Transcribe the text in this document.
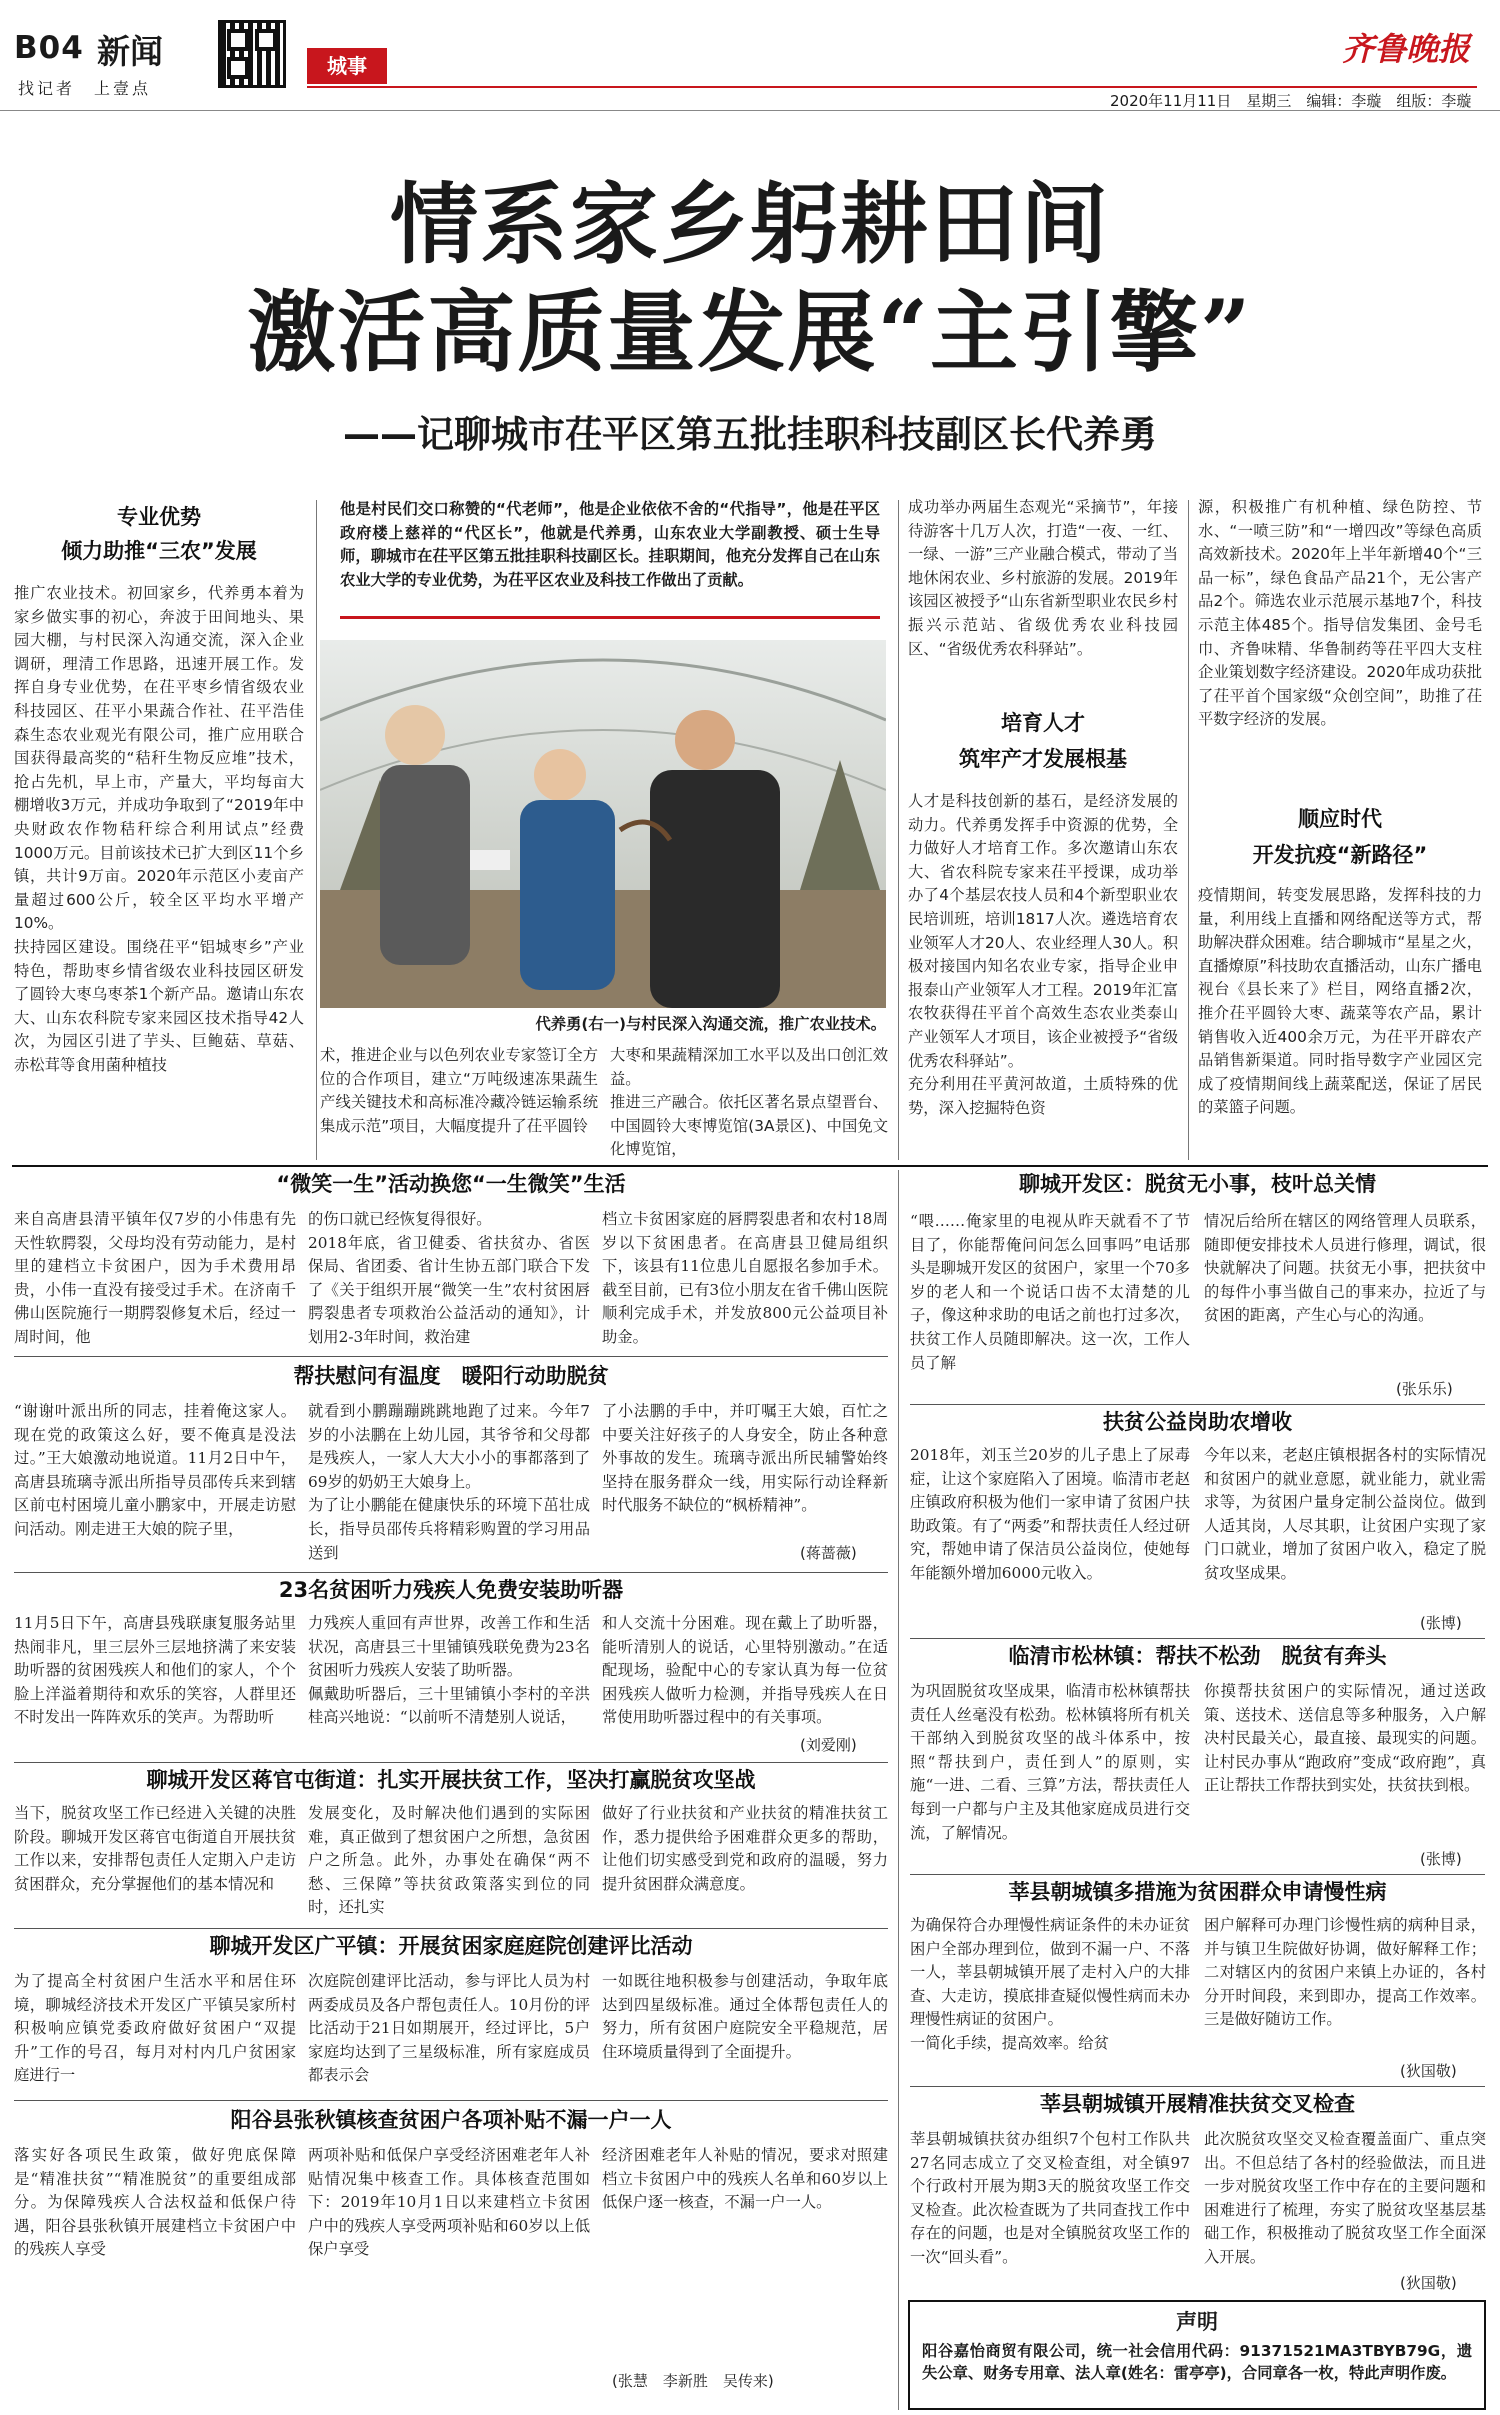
B04 新闻
找记者　上壹点
城事	齐鲁晚报
2020年11月11日　星期三　编辑：李璇　组版：李璇
情系家乡躬耕田间
激活高质量发展“主引擎”
——记聊城市茌平区第五批挂职科技副区长代养勇
专业优势
倾力助推“三农”发展
推广农业技术。初回家乡，代养勇本着为家乡做实事的初心，奔波于田间地头、果园大棚，与村民深入沟通交流，深入企业调研，理清工作思路，迅速开展工作。发挥自身专业优势，在茌平枣乡情省级农业科技园区、茌平小果蔬合作社、茌平浩佳森生态农业观光有限公司，推广应用联合国获得最高奖的“秸秆生物反应堆”技术，抢占先机，早上市，产量大，平均每亩大棚增收3万元，并成功争取到了“2019年中央财政农作物秸秆综合利用试点”经费1000万元。目前该技术已扩大到区11个乡镇，共计9万亩。2020年示范区小麦亩产量超过600公斤，较全区平均水平增产10%。
扶持园区建设。围绕茌平“铝城枣乡”产业特色，帮助枣乡情省级农业科技园区研发了圆铃大枣乌枣茶1个新产品。邀请山东农大、山东农科院专家来园区技术指导42人次，为园区引进了芋头、巨鲍菇、草菇、赤松茸等食用菌种植技
他是村民们交口称赞的“代老师”，他是企业依依不舍的“代指导”，他是茌平区政府楼上慈祥的“代区长”，他就是代养勇，山东农业大学副教授、硕士生导师，聊城市在茌平区第五批挂职科技副区长。挂职期间，他充分发挥自己在山东农业大学的专业优势，为茌平区农业及科技工作做出了贡献。
代养勇(右一)与村民深入沟通交流，推广农业技术。
术，推进企业与以色列农业专家签订全方位的合作项目，建立“万吨级速冻果蔬生产线关键技术和高标准冷藏冷链运输系统集成示范”项目，大幅度提升了茌平圆铃
大枣和果蔬精深加工水平以及出口创汇效益。
推进三产融合。依托区著名景点望晋台、中国圆铃大枣博览馆(3A景区)、中国免文化博览馆，
成功举办两届生态观光“采摘节”，年接待游客十几万人次，打造“一夜、一红、一绿、一游”三产业融合模式，带动了当地休闲农业、乡村旅游的发展。2019年该园区被授予“山东省新型职业农民乡村振兴示范站、省级优秀农业科技园区、“省级优秀农科驿站”。
培育人才
筑牢产才发展根基
人才是科技创新的基石，是经济发展的动力。代养勇发挥手中资源的优势，全力做好人才培育工作。多次邀请山东农大、省农科院专家来茌平授课，成功举办了4个基层农技人员和4个新型职业农民培训班，培训1817人次。遴选培育农业领军人才20人、农业经理人30人。积极对接国内知名农业专家，指导企业申报泰山产业领军人才工程。2019年汇富农牧获得茌平首个高效生态农业类泰山产业领军人才项目，该企业被授予“省级优秀农科驿站”。
充分利用茌平黄河故道，土质特殊的优势，深入挖掘特色资
源，积极推广有机种植、绿色防控、节水、“一喷三防”和“一增四改”等绿色高质高效新技术。2020年上半年新增40个“三品一标”，绿色食品产品21个，无公害产品2个。筛选农业示范展示基地7个，科技示范主体485个。指导信发集团、金号毛巾、齐鲁味精、华鲁制药等茌平四大支柱企业策划数字经济建设。2020年成功获批了茌平首个国家级“众创空间”，助推了茌平数字经济的发展。
顺应时代
开发抗疫“新路径”
疫情期间，转变发展思路，发挥科技的力量，利用线上直播和网络配送等方式，帮助解决群众困难。结合聊城市“星星之火，直播燎原”科技助农直播活动，山东广播电视台《县长来了》栏目，网络直播2次，推介茌平圆铃大枣、蔬菜等农产品，累计销售收入近400余万元，为茌平开辟农产品销售新渠道。同时指导数字产业园区完成了疫情期间线上蔬菜配送，保证了居民的菜篮子问题。
“微笑一生”活动换您“一生微笑”生活
来自高唐县清平镇年仅7岁的小伟患有先天性软腭裂，父母均没有劳动能力，是村里的建档立卡贫困户，因为手术费用昂贵，小伟一直没有接受过手术。在济南千佛山医院施行一期腭裂修复术后，经过一周时间，他
的伤口就已经恢复得很好。
2018年底，省卫健委、省扶贫办、省医保局、省团委、省计生协五部门联合下发了《关于组织开展“微笑一生”农村贫困唇腭裂患者专项救治公益活动的通知》，计划用2-3年时间，救治建
档立卡贫困家庭的唇腭裂患者和农村18周岁以下贫困患者。在高唐县卫健局组织下，该县有11位患儿自愿报名参加手术。截至目前，已有3位小朋友在省千佛山医院顺利完成手术，并发放800元公益项目补助金。
帮扶慰问有温度　暖阳行动助脱贫
“谢谢叶派出所的同志，挂着俺这家人。现在党的政策这么好，要不俺真是没法过。”王大娘激动地说道。11月2日中午，高唐县琉璃寺派出所指导员邵传兵来到辖区前屯村困境儿童小鹏家中，开展走访慰问活动。刚走进王大娘的院子里，
就看到小鹏蹦蹦跳跳地跑了过来。今年7岁的小法鹏在上幼儿园，其爷爷和父母都是残疾人，一家人大大小小的事都落到了69岁的奶奶王大娘身上。
为了让小鹏能在健康快乐的环境下茁壮成长，指导员邵传兵将精彩购置的学习用品送到
了小法鹏的手中，并叮嘱王大娘，百忙之中要关注好孩子的人身安全，防止各种意外事故的发生。琉璃寺派出所民辅警始终坚持在服务群众一线，用实际行动诠释新时代服务不缺位的“枫桥精神”。
(蒋蔷薇)
23名贫困听力残疾人免费安装助听器
11月5日下午，高唐县残联康复服务站里热闹非凡，里三层外三层地挤满了来安装助听器的贫困残疾人和他们的家人，个个脸上洋溢着期待和欢乐的笑容，人群里还不时发出一阵阵欢乐的笑声。为帮助听
力残疾人重回有声世界，改善工作和生活状况，高唐县三十里铺镇残联免费为23名贫困听力残疾人安装了助听器。
佩戴助听器后，三十里铺镇小李村的辛洪桂高兴地说：“以前听不清楚别人说话，
和人交流十分困难。现在戴上了助听器，能听清别人的说话，心里特别激动。”在适配现场，验配中心的专家认真为每一位贫困残疾人做听力检测，并指导残疾人在日常使用助听器过程中的有关事项。
(刘爱刚)
聊城开发区蒋官屯街道：扎实开展扶贫工作，坚决打赢脱贫攻坚战
当下，脱贫攻坚工作已经进入关键的决胜阶段。聊城开发区蒋官屯街道自开展扶贫工作以来，安排帮包责任人定期入户走访贫困群众，充分掌握他们的基本情况和
发展变化，及时解决他们遇到的实际困难，真正做到了想贫困户之所想，急贫困户之所急。此外，办事处在确保“两不愁、三保障”等扶贫政策落实到位的同时，还扎实
做好了行业扶贫和产业扶贫的精准扶贫工作，悉力提供给予困难群众更多的帮助，让他们切实感受到党和政府的温暖，努力提升贫困群众满意度。
聊城开发区广平镇：开展贫困家庭庭院创建评比活动
为了提高全村贫困户生活水平和居住环境，聊城经济技术开发区广平镇吴家所村积极响应镇党委政府做好贫困户“双提升”工作的号召，每月对村内几户贫困家庭进行一
次庭院创建评比活动，参与评比人员为村两委成员及各户帮包责任人。10月份的评比活动于21日如期展开，经过评比，5户家庭均达到了三星级标准，所有家庭成员都表示会
一如既往地积极参与创建活动，争取年底达到四星级标准。通过全体帮包责任人的努力，所有贫困户庭院安全平稳规范，居住环境质量得到了全面提升。
阳谷县张秋镇核查贫困户各项补贴不漏一户一人
落实好各项民生政策，做好兜底保障是“精准扶贫”“精准脱贫”的重要组成部分。为保障残疾人合法权益和低保户待遇，阳谷县张秋镇开展建档立卡贫困户中的残疾人享受
两项补贴和低保户享受经济困难老年人补贴情况集中核查工作。具体核查范围如下：2019年10月1日以来建档立卡贫困户中的残疾人享受两项补贴和60岁以上低保户享受
经济困难老年人补贴的情况，要求对照建档立卡贫困户中的残疾人名单和60岁以上低保户逐一核查，不漏一户一人。
(张慧　李新胜　吴传来)
聊城开发区：脱贫无小事，枝叶总关情
“喂……俺家里的电视从昨天就看不了节目了，你能帮俺问问怎么回事吗”电话那头是聊城开发区的贫困户，家里一个70多岁的老人和一个说话口齿不太清楚的儿子，像这种求助的电话之前也打过多次，扶贫工作人员随即解决。这一次，工作人员了解
情况后给所在辖区的网络管理人员联系，随即便安排技术人员进行修理，调试，很快就解决了问题。扶贫无小事，把扶贫中的每件小事当做自己的事来办，拉近了与贫困的距离，产生心与心的沟通。
(张乐乐)
扶贫公益岗助农增收
2018年，刘玉兰20岁的儿子患上了尿毒症，让这个家庭陷入了困境。临清市老赵庄镇政府积极为他们一家申请了贫困户扶助政策。有了“两委”和帮扶责任人经过研究，帮她申请了保洁员公益岗位，使她每年能额外增加6000元收入。
今年以来，老赵庄镇根据各村的实际情况和贫困户的就业意愿，就业能力，就业需求等，为贫困户量身定制公益岗位。做到人适其岗，人尽其职，让贫困户实现了家门口就业，增加了贫困户收入，稳定了脱贫攻坚成果。
(张博)
临清市松林镇：帮扶不松劲　脱贫有奔头
为巩固脱贫攻坚成果，临清市松林镇帮扶责任人丝毫没有松劲。松林镇将所有机关干部纳入到脱贫攻坚的战斗体系中，按照“帮扶到户，责任到人”的原则，实施“一进、二看、三算”方法，帮扶责任人每到一户都与户主及其他家庭成员进行交流，了解情况。
你摸帮扶贫困户的实际情况，通过送政策、送技术、送信息等多种服务，入户解决村民最关心，最直接、最现实的问题。让村民办事从“跑政府”变成“政府跑”，真正让帮扶工作帮扶到实处，扶贫扶到根。
(张博)
莘县朝城镇多措施为贫困群众申请慢性病
为确保符合办理慢性病证条件的未办证贫困户全部办理到位，做到不漏一户、不落一人，莘县朝城镇开展了走村入户的大排查、大走访，摸底排查疑似慢性病而未办理慢性病证的贫困户。
一简化手续，提高效率。给贫
困户解释可办理门诊慢性病的病种目录，并与镇卫生院做好协调，做好解释工作；二对辖区内的贫困户来镇上办证的，各村分开时间段，来到即办，提高工作效率。三是做好随访工作。
(狄国敬)
莘县朝城镇开展精准扶贫交叉检查
莘县朝城镇扶贫办组织7个包村工作队共27名同志成立了交叉检查组，对全镇97个行政村开展为期3天的脱贫攻坚工作交叉检查。此次检查既为了共同查找工作中存在的问题，也是对全镇脱贫攻坚工作的一次“回头看”。
此次脱贫攻坚交叉检查覆盖面广、重点突出。不但总结了各村的经验做法，而且进一步对脱贫攻坚工作中存在的主要问题和困难进行了梳理，夯实了脱贫攻坚基层基础工作，积极推动了脱贫攻坚工作全面深入开展。
(狄国敬)
声明
阳谷嘉怡商贸有限公司，统一社会信用代码：91371521MA3TBYB79G，遗失公章、财务专用章、法人章(姓名：雷亭亭)，合同章各一枚，特此声明作废。
